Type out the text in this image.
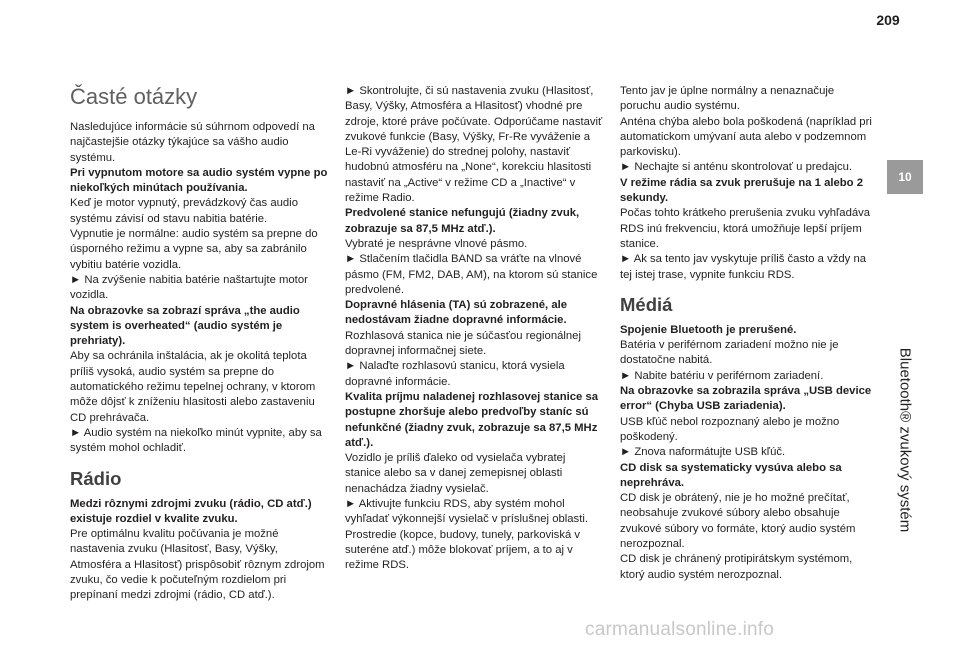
209
10
Bluetooth® zvukový systém
Časté otázky

Nasledujúce informácie sú súhrnom odpovedí na najčastejšie otázky týkajúce sa vášho audio systému.

Pri vypnutom motore sa audio systém vypne po niekoľkých minútach používania.

Keď je motor vypnutý, prevádzkový čas audio systému závisí od stavu nabitia batérie.

Vypnutie je normálne: audio systém sa prepne do úsporného režimu a vypne sa, aby sa zabránilo vybitiu batérie vozidla.

► Na zvýšenie nabitia batérie naštartujte motor vozidla.

Na obrazovke sa zobrazí správa „the audio system is overheated“ (audio systém je prehriaty).

Aby sa ochránila inštalácia, ak je okolitá teplota príliš vysoká, audio systém sa prepne do automatického režimu tepelnej ochrany, v ktorom môže dôjsť k zníženiu hlasitosti alebo zastaveniu CD prehrávača.

► Audio systém na niekoľko minút vypnite, aby sa systém mohol ochladiť.

Rádio

Medzi rôznymi zdrojmi zvuku (rádio, CD atď.) existuje rozdiel v kvalite zvuku.

Pre optimálnu kvalitu počúvania je možné nastavenia zvuku (Hlasitosť, Basy, Výšky, Atmosféra a Hlasitosť) prispôsobiť rôznym zdrojom zvuku, čo vedie k počuteľným rozdielom pri prepínaní medzi zdrojmi (rádio, CD atď.).

► Skontrolujte, či sú nastavenia zvuku (Hlasitosť, Basy, Výšky, Atmosféra a Hlasitosť) vhodné pre zdroje, ktoré práve počúvate. Odporúčame nastaviť zvukové funkcie (Basy, Výšky, Fr-Re vyváženie a Le-Ri vyváženie) do strednej polohy, nastaviť hudobnú atmosféru na „None“, korekciu hlasitosti nastaviť na „Active“ v režime CD a „Inactive“ v režime Radio.

Predvolené stanice nefungujú (žiadny zvuk, zobrazuje sa 87,5 MHz atď.).

Vybraté je nesprávne vlnové pásmo.

► Stlačením tlačidla BAND sa vráťte na vlnové pásmo (FM, FM2, DAB, AM), na ktorom sú stanice predvolené.

Dopravné hlásenia (TA) sú zobrazené, ale nedostávam žiadne dopravné informácie.

Rozhlasová stanica nie je súčasťou regionálnej dopravnej informačnej siete.

► Nalaďte rozhlasovú stanicu, ktorá vysiela dopravné informácie.

Kvalita príjmu naladenej rozhlasovej stanice sa postupne zhoršuje alebo predvoľby staníc sú nefunkčné (žiadny zvuk, zobrazuje sa 87,5 MHz atď.).

Vozidlo je príliš ďaleko od vysielača vybratej stanice alebo sa v danej zemepisnej oblasti nenachádza žiadny vysielač.

► Aktivujte funkciu RDS, aby systém mohol vyhľadať výkonnejší vysielač v príslušnej oblasti. Prostredie (kopce, budovy, tunely, parkoviská v suteréne atď.) môže blokovať príjem, a to aj v režime RDS.

Tento jav je úplne normálny a nenaznačuje poruchu audio systému.

Anténa chýba alebo bola poškodená (napríklad pri automatickom umývaní auta alebo v podzemnom parkovisku).

► Nechajte si anténu skontrolovať u predajcu.

V režime rádia sa zvuk prerušuje na 1 alebo 2 sekundy.

Počas tohto krátkeho prerušenia zvuku vyhľadáva RDS inú frekvenciu, ktorá umožňuje lepší príjem stanice.

► Ak sa tento jav vyskytuje príliš často a vždy na tej istej trase, vypnite funkciu RDS.

Médiá

Spojenie Bluetooth je prerušené.

Batéria v periférnom zariadení možno nie je dostatočne nabitá.

► Nabite batériu v periférnom zariadení.

Na obrazovke sa zobrazila správa „USB device error“ (Chyba USB zariadenia).

USB kľúč nebol rozpoznaný alebo je možno poškodený.

► Znova naformátujte USB kľúč.

CD disk sa systematicky vysúva alebo sa neprehráva.

CD disk je obrátený, nie je ho možné prečítať, neobsahuje zvukové súbory alebo obsahuje zvukové súbory vo formáte, ktorý audio systém nerozpoznal.

CD disk je chránený protipirátskym systémom, ktorý audio systém nerozpoznal.

carmanualsonline.info
